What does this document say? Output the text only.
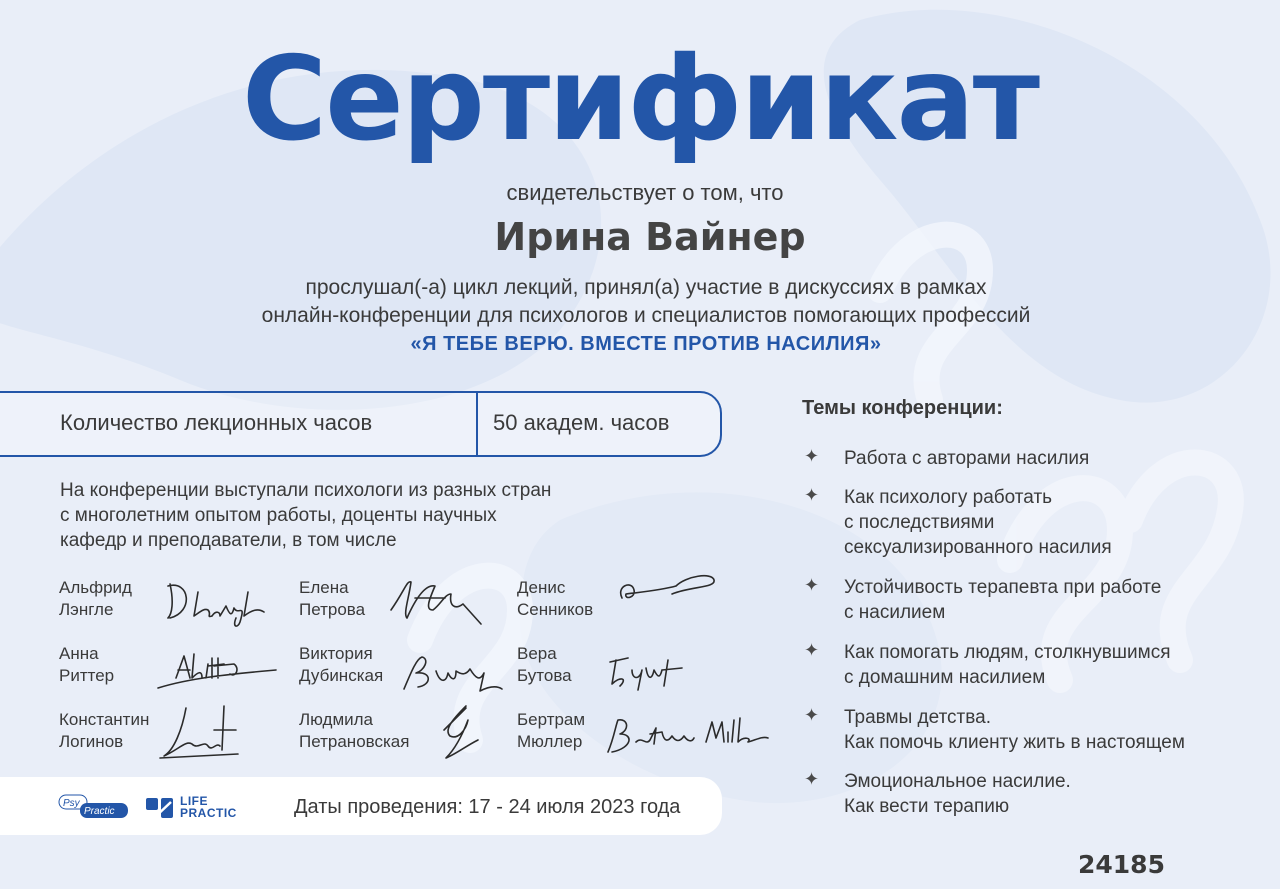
Сертификат
свидетельствует о том, что
Ирина Вайнер
прослушал(-а) цикл лекций, принял(а) участие в дискуссиях в рамках
онлайн-конференции для психологов и специалистов помогающих профессий
«Я ТЕБЕ ВЕРЮ. ВМЕСТЕ ПРОТИВ НАСИЛИЯ»
Количество лекционных часов	50 академ. часов
На конференции выступали психологи из разных стран
с многолетним опытом работы, доценты научных
кафедр и преподаватели, в том числе
Альфрид
Лэнгле
Елена
Петрова
Денис
Сенников
Анна
Риттер
Виктория
Дубинская
Вера
Бутова
Константин
Логинов
Людмила
Петрановская
Бертрам
Мюллер
Psy
Practic
LIFE
PRACTIC	Даты проведения: 17 - 24 июля 2023 года
Темы конференции:
✦ Работа с авторами насилия
✦ Как психологу работать
с последствиями
сексуализированного насилия
✦ Устойчивость терапевта при работе
с насилием
✦ Как помогать людям, столкнувшимся
с домашним насилием
✦ Травмы детства.
Как помочь клиенту жить в настоящем
✦ Эмоциональное насилие.
Как вести терапию
24185
